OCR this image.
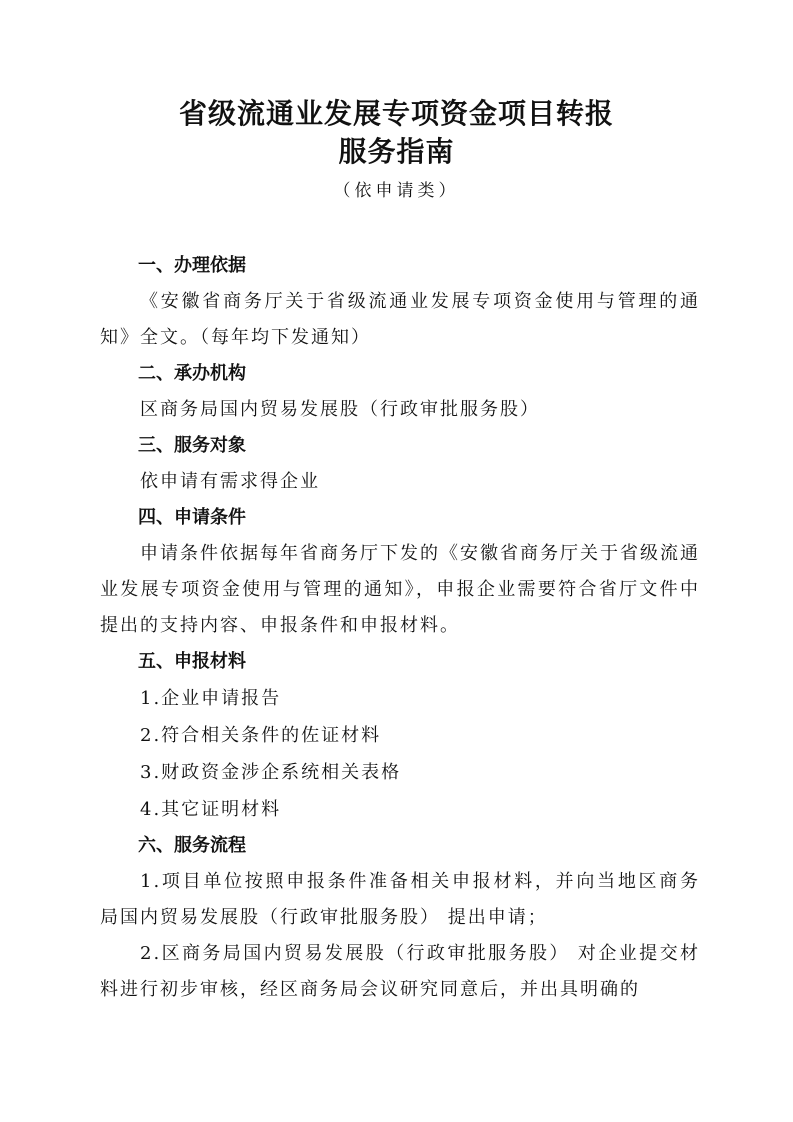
省级流通业发展专项资金项目转报
服务指南
（依申请类）
一、办理依据

《安徽省商务厅关于省级流通业发展专项资金使用与管理的通知》全文。（每年均下发通知）

二、承办机构

区商务局国内贸易发展股（行政审批服务股）

三、服务对象

依申请有需求得企业

四、申请条件

申请条件依据每年省商务厅下发的《安徽省商务厅关于省级流通业发展专项资金使用与管理的通知》，申报企业需要符合省厅文件中提出的支持内容、申报条件和申报材料。

五、申报材料

1.企业申请报告

2.符合相关条件的佐证材料

3.财政资金涉企系统相关表格

4.其它证明材料

六、服务流程

1.项目单位按照申报条件准备相关申报材料，并向当地区商务局国内贸易发展股（行政审批服务股） 提出申请；

2.区商务局国内贸易发展股（行政审批服务股） 对企业提交材料进行初步审核，经区商务局会议研究同意后，并出具明确的
